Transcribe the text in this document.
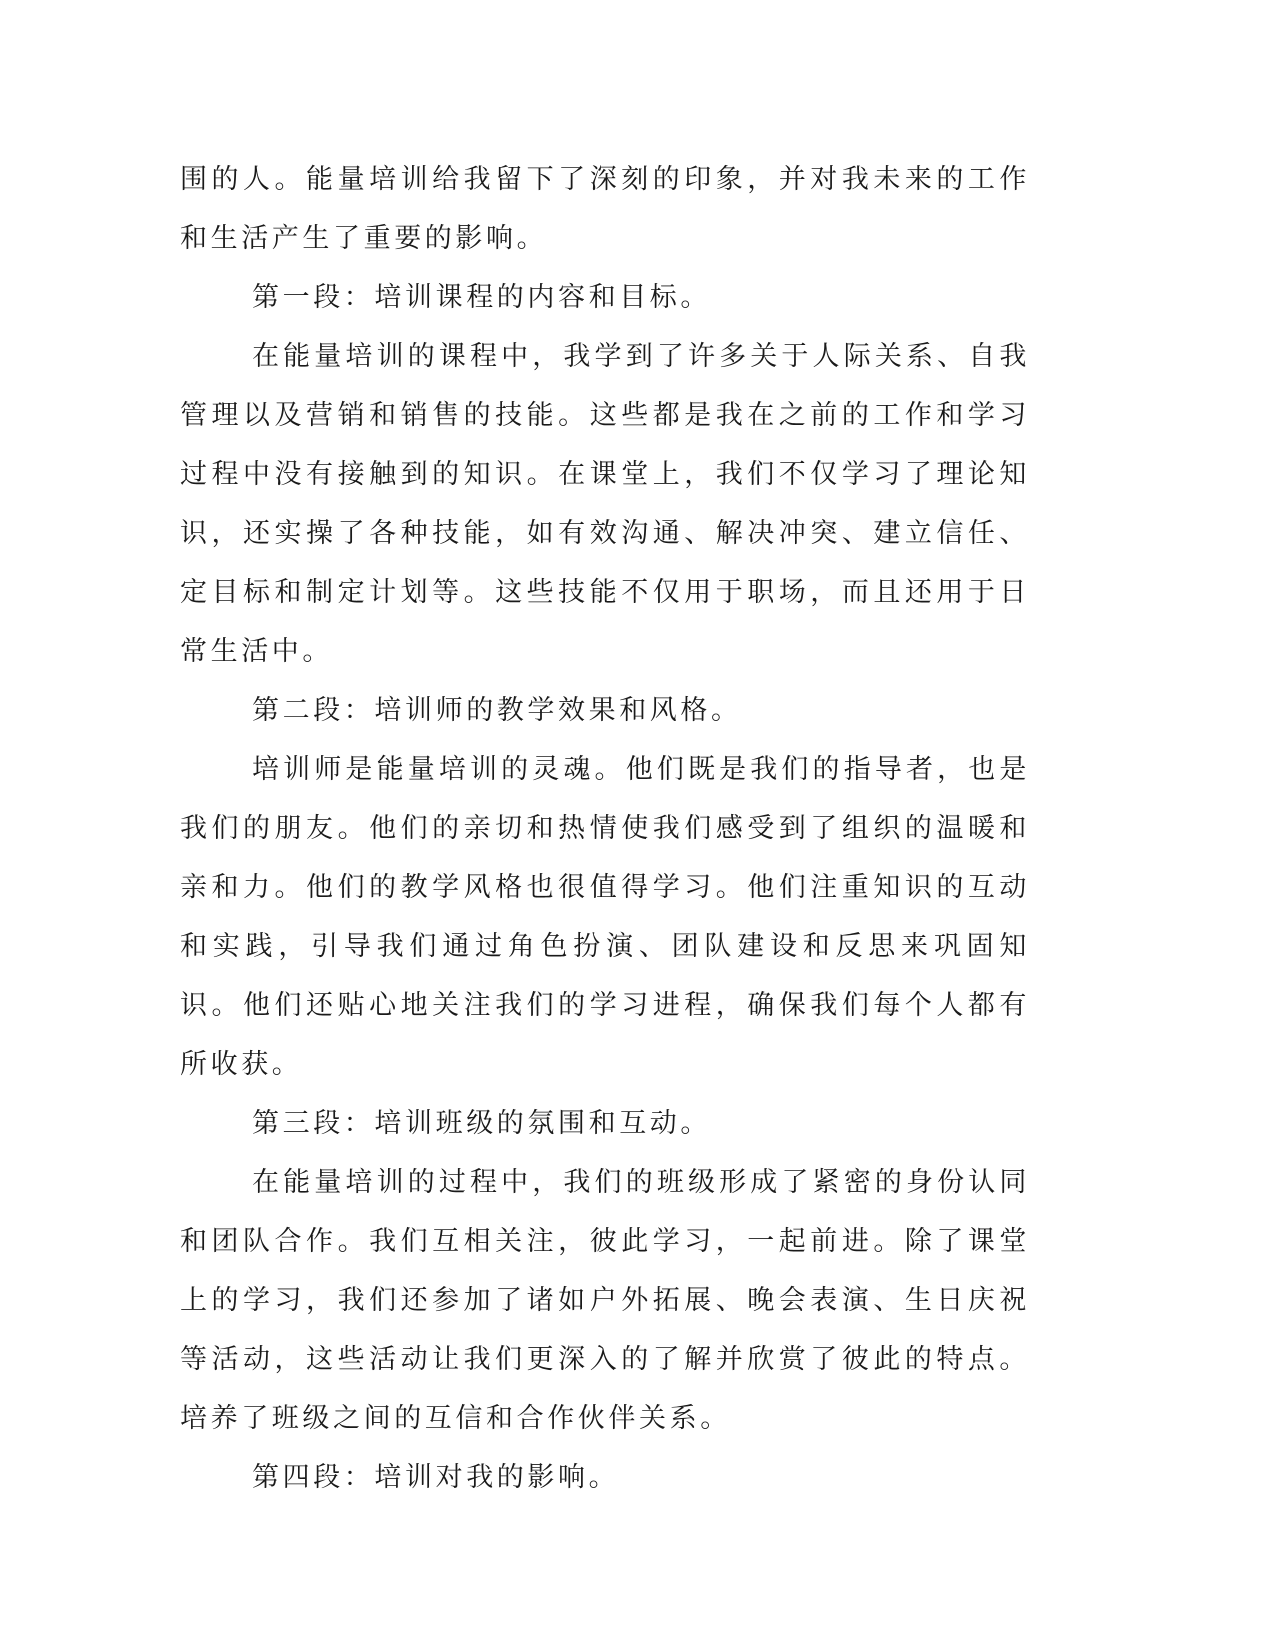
围的人。能量培训给我留下了深刻的印象，并对我未来的工作和生活产生了重要的影响。

第一段：培训课程的内容和目标。

在能量培训的课程中，我学到了许多关于人际关系、自我管理以及营销和销售的技能。这些都是我在之前的工作和学习过程中没有接触到的知识。在课堂上，我们不仅学习了理论知识，还实操了各种技能，如有效沟通、解决冲突、建立信任、定目标和制定计划等。这些技能不仅用于职场，而且还用于日常生活中。

第二段：培训师的教学效果和风格。

培训师是能量培训的灵魂。他们既是我们的指导者，也是我们的朋友。他们的亲切和热情使我们感受到了组织的温暖和亲和力。他们的教学风格也很值得学习。他们注重知识的互动和实践，引导我们通过角色扮演、团队建设和反思来巩固知识。他们还贴心地关注我们的学习进程，确保我们每个人都有所收获。

第三段：培训班级的氛围和互动。

在能量培训的过程中，我们的班级形成了紧密的身份认同和团队合作。我们互相关注，彼此学习，一起前进。除了课堂上的学习，我们还参加了诸如户外拓展、晚会表演、生日庆祝等活动，这些活动让我们更深入的了解并欣赏了彼此的特点。培养了班级之间的互信和合作伙伴关系。

第四段：培训对我的影响。
